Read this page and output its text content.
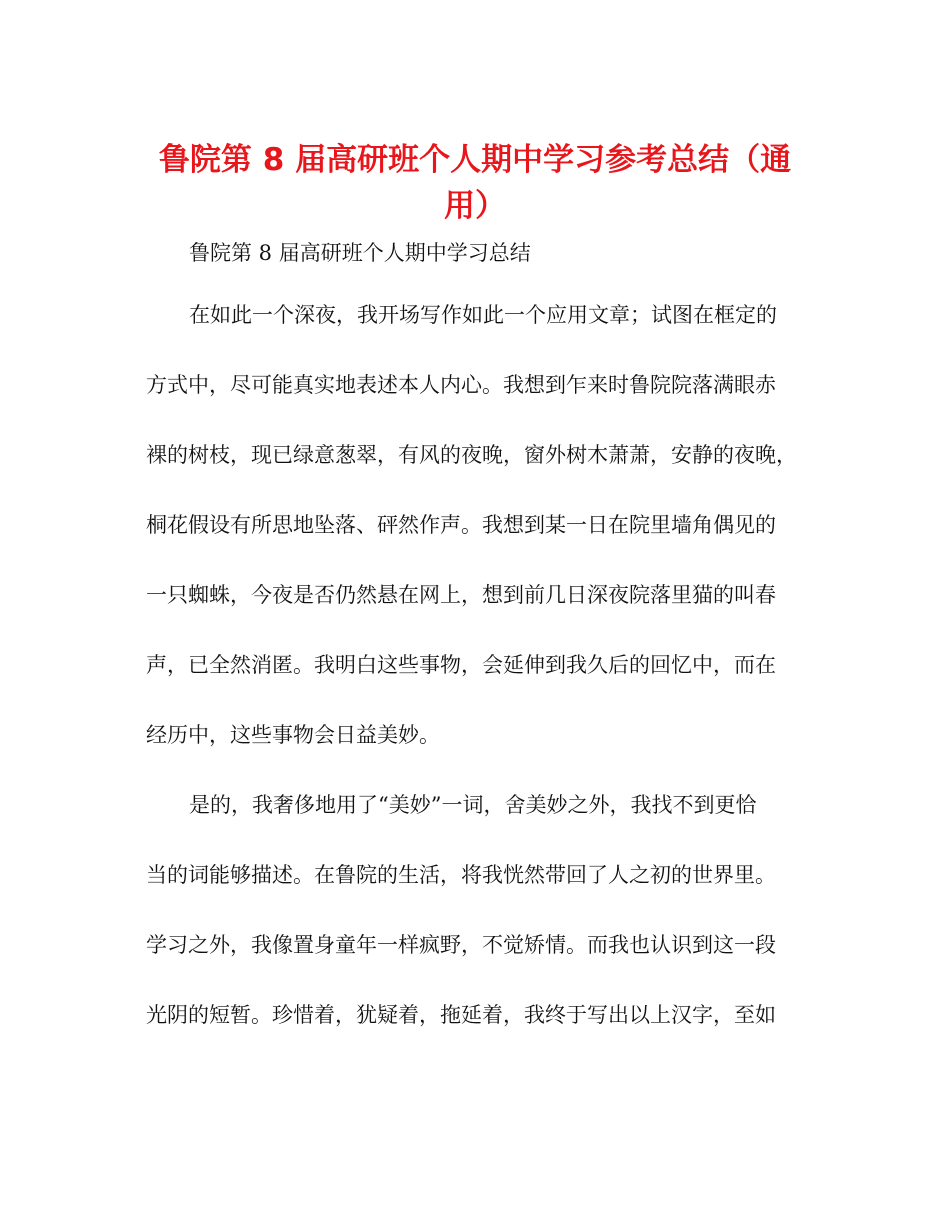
鲁院第 8 届高研班个人期中学习参考总结（通
用）

鲁院第 8 届高研班个人期中学习总结

在如此一个深夜，我开场写作如此一个应用文章；试图在框定的

方式中，尽可能真实地表述本人内心。我想到乍来时鲁院院落满眼赤

裸的树枝，现已绿意葱翠，有风的夜晚，窗外树木萧萧，安静的夜晚，

桐花假设有所思地坠落、砰然作声。我想到某一日在院里墙角偶见的

一只蜘蛛，今夜是否仍然悬在网上，想到前几日深夜院落里猫的叫春

声，已全然消匿。我明白这些事物，会延伸到我久后的回忆中，而在

经历中，这些事物会日益美妙。

是的，我奢侈地用了“美妙”一词，舍美妙之外，我找不到更恰

当的词能够描述。在鲁院的生活，将我恍然带回了人之初的世界里。

学习之外，我像置身童年一样疯野，不觉矫情。而我也认识到这一段

光阴的短暂。珍惜着，犹疑着，拖延着，我终于写出以上汉字，至如
